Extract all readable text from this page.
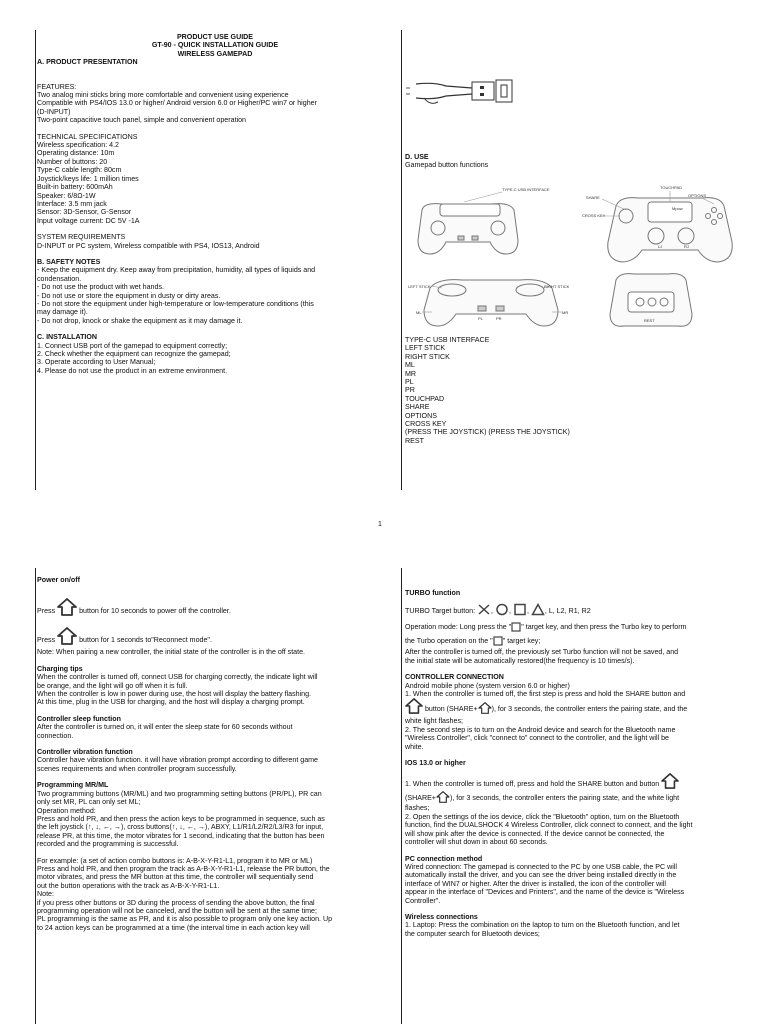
PRODUCT USE GUIDE

GT-90 - QUICK INSTALLATION GUIDE

WIRELESS GAMEPAD

A. PRODUCT PRESENTATION

FEATURES:

Two analog mini sticks bring more comfortable and convenient using experience

Compatible with PS4/IOS 13.0 or higher/ Android version 6.0 or Higher/PC win7 or higher

(D-INPUT)

Two-point capacitive touch panel, simple and convenient operation

TECHNICAL SPECIFICATIONS

Wireless specification: 4.2

Operating distance: 10m

Number of buttons: 20

Type-C cable length: 80cm

Joystick/keys life: 1 million times

Built-in battery: 600mAh

Speaker: 6/8Ω-1W

Interface: 3.5 mm jack

Sensor: 3D-Sensor, G-Sensor

Input voltage current: DC 5V -1A

SYSTEM REQUIREMENTS

D-INPUT or PC system, Wireless compatible with PS4, IOS13, Android

B. SAFETY NOTES

- Keep the equipment dry. Keep away from precipitation, humidity, all types of liquids and

condensation.

- Do not use the product with wet hands.

- Do not use or store the equipment in dusty or dirty areas.

- Do not store the equipment under high-temperature or low-temperature conditions (this

may damage it).

- Do not drop, knock or shake the equipment as it may damage it.

C. INSTALLATION

1. Connect USB port of the gamepad to equipment correctly;

2. Check whether the equipment can recognize the gamepad;

3. Operate according to User Manual;

4. Please do not use the product in an extreme environment.

D. USE

Gamepad button functions

TYPE-C USB INTERFACE
SHARE
CROSS KEY
TOUCHPAD
OPTIONS
Mpow
LJ	RJ
LEFT STICK	RIGHT STICK
ML	MR
PL	PR	REST

TYPE-C USB INTERFACE

LEFT STICK

RIGHT STICK

ML

MR

PL

PR

TOUCHPAD

SHARE

OPTIONS

CROSS KEY

(PRESS THE JOYSTICK) (PRESS THE JOYSTICK)

REST

1

Power on/off

Press	button for 10 seconds to power off the controller.

Press	button for 1 seconds to"Reconnect mode".

Note: When pairing a new controller, the initial state of the controller is in the off state.

Charging tips

When the controller is turned off, connect USB for charging correctly, the indicate light will

be orange, and the light will go off when it is full.

When the controller is low in power during use, the host will display the battery flashing.

At this time, plug in the USB for charging, and the host will display a charging prompt.

Controller sleep function

After the controller is turned on, it will enter the sleep state for 60 seconds without

connection.

Controller vibration function

Controller have vibration function. it will have vibration prompt according to different game

scenes requirements and when controller program successfully.

Programming MR/ML

Two programming buttons (MR/ML) and two programming setting buttons (PR/PL), PR can

only set MR, PL can only set ML;

Operation method:

Press and hold PR, and then press the action keys to be programmed in sequence, such as

the left joystick (↑, ↓, ←, →), cross buttons(↑, ↓, ←, →), ABXY, L1/R1/L2/R2/L3/R3 for input,

release PR, at this time, the motor vibrates for 1 second, indicating that the button has been

recorded and the programming is successful.

For example: (a set of action combo buttons is: A-B-X-Y-R1-L1, program it to MR or ML)

Press and hold PR, and then program the track as A-B-X-Y-R1-L1, release the PR button, the

motor vibrates, and press the MR button at this time, the controller will sequentially send

out the button operations with the track as A-B-X-Y-R1-L1.

Note:

if you press other buttons or 3D during the process of sending the above button, the final

programming operation will not be canceled, and the button will be sent at the same time;

PL programming is the same as PR, and it is also possible to program only one key action. Up

to 24 action keys can be programmed at a time (the interval time in each action key will

TURBO function

TURBO Target button: , , , , L, L2, R1, R2

Operation mode: Long press the " " target key, and then press the Turbo key to perform

the Turbo operation on the " " target key;

After the controller is turned off, the previously set Turbo function will not be saved, and

the initial state will be automatically restored(the frequency is 10 times/s).

CONTROLLER CONNECTION

Android mobile phone (system version 6.0 or higher)

1. When the controller is turned off, the first step is press and hold the SHARE button and

button (SHARE+ ), for 3 seconds, the controller enters the pairing state, and the

white light flashes;

2. The second step is to turn on the Android device and search for the Bluetooth name

"Wireless Controller", click "connect to" connect to the controller, and the light will be

white.

IOS 13.0 or higher

1. When the controller is turned off, press and hold the SHARE button and button

(SHARE+ ), for 3 seconds, the controller enters the pairing state, and the white light

flashes;

2. Open the settings of the ios device, click the "Bluetooth" option, turn on the Bluetooth

function, find the DUALSHOCK 4 Wireless Controller, click connect to connect, and the light

will show pink after the device is connected. If the device cannot be connected, the

controller will shut down in about 60 seconds.

PC connection method

Wired connection: The gamepad is connected to the PC by one USB cable, the PC will

automatically install the driver, and you can see the driver being installed directly in the

interface of WIN7 or higher. After the driver is installed, the icon of the controller will

appear in the interface of "Devices and Printers", and the name of the device is "Wireless

Controller".

Wireless connections

1. Laptop: Press the combination on the laptop to turn on the Bluetooth function, and let

the computer search for Bluetooth devices;
